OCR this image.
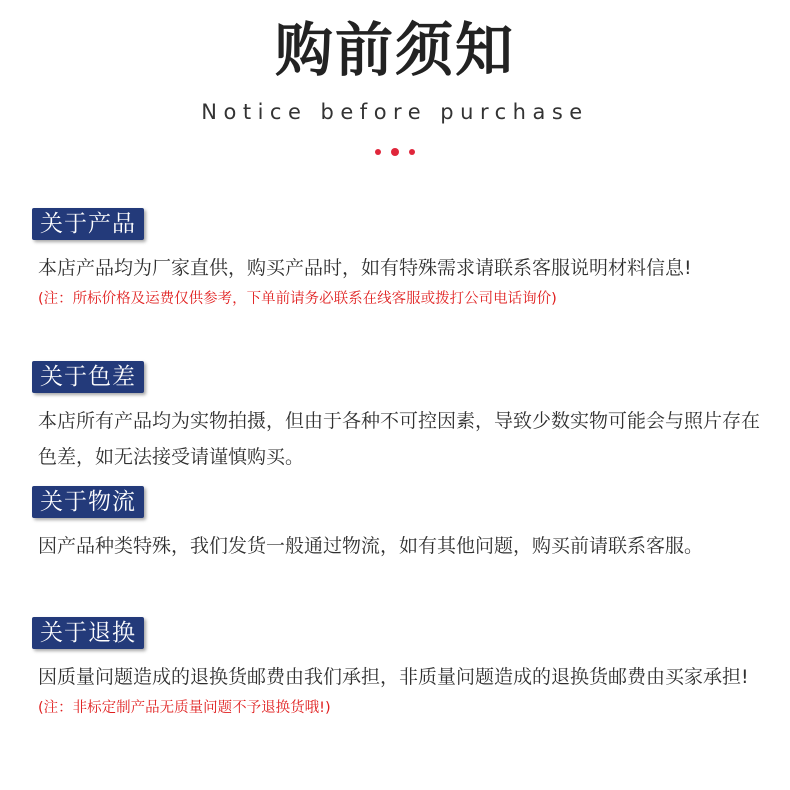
购前须知
Notice before purchase
关于产品
本店产品均为厂家直供，购买产品时，如有特殊需求请联系客服说明材料信息!
(注：所标价格及运费仅供参考，下单前请务必联系在线客服或拨打公司电话询价)
关于色差
本店所有产品均为实物拍摄，但由于各种不可控因素，导致少数实物可能会与照片存在色差，如无法接受请谨慎购买。
关于物流
因产品种类特殊，我们发货一般通过物流，如有其他问题，购买前请联系客服。
关于退换
因质量问题造成的退换货邮费由我们承担，非质量问题造成的退换货邮费由买家承担!
(注：非标定制产品无质量问题不予退换货哦!)
